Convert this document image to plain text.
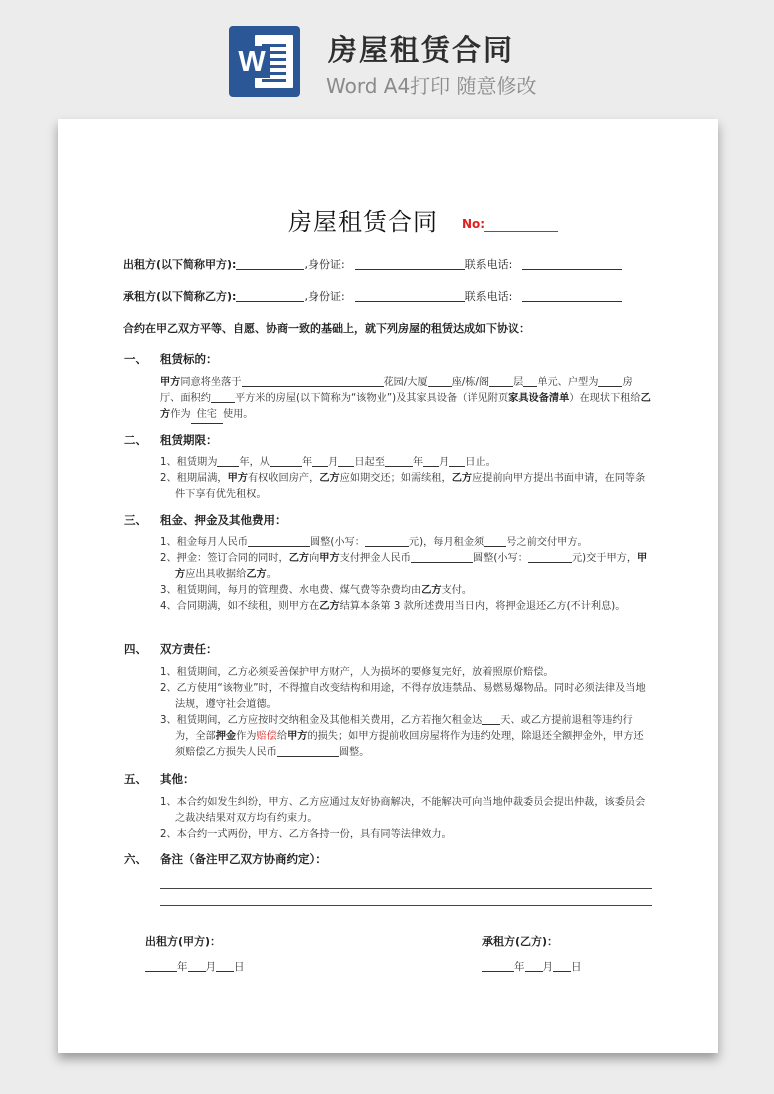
W 房屋租赁合同
Word A4打印 随意修改
房屋租赁合同 No:
出租方(以下简称甲方):	,身份证:	联系电话:
承租方(以下简称乙方):	,身份证:	联系电话:
合约在甲乙双方平等、自愿、协商一致的基础上，就下列房屋的租赁达成如下协议：
一、 租赁标的：

甲方同意将坐落于	花园/大厦 座/栋/阁 层 单元、户型为 房厅、面积约 平方米的房屋(以下简称为“该物业”)及其家具设备（详见附页家具设备清单）在现状下租给乙方作为 住宅 使用。

二、 租赁期限：

1、租赁期为 年，从	年 月 日起至	年 月 日止。

2、租期届满，甲方有权收回房产，乙方应如期交还；如需续租，乙方应提前向甲方提出书面申请，在同等条件下享有优先租权。

三、 租金、押金及其他费用：

1、租金每月人民币	圆整(小写：	元)，每月租金须 号之前交付甲方。

2、押金：签订合同的同时，乙方向甲方支付押金人民币	圆整(小写：	元)交于甲方，甲方应出具收据给乙方。

3、租赁期间，每月的管理费、水电费、煤气费等杂费均由乙方支付。

4、合同期满，如不续租，则甲方在乙方结算本条第 3 款所述费用当日内，将押金退还乙方(不计利息)。

四、 双方责任：

1、租赁期间，乙方必须妥善保护甲方财产，人为损坏的要修复完好，放着照原价赔偿。

2、乙方使用“该物业”时，不得擅自改变结构和用途，不得存放违禁品、易燃易爆物品。同时必须法律及当地法规，遵守社会道德。

3、租赁期间，乙方应按时交纳租金及其他相关费用，乙方若拖欠租金达 天、或乙方提前退租等违约行为，全部押金作为赔偿给甲方的损失；如甲方提前收回房屋将作为违约处理，除退还全额押金外，甲方还须赔偿乙方损失人民币	圆整。

五、 其他：

1、本合约如发生纠纷，甲方、乙方应通过友好协商解决，不能解决可向当地仲裁委员会提出仲裁，该委员会之裁决结果对双方均有约束力。

2、本合约一式两份，甲方、乙方各持一份，具有同等法律效力。

六、 备注（备注甲乙双方协商约定）：
出租方(甲方)：	承租方(乙方)：
年 月 日	年 月 日
